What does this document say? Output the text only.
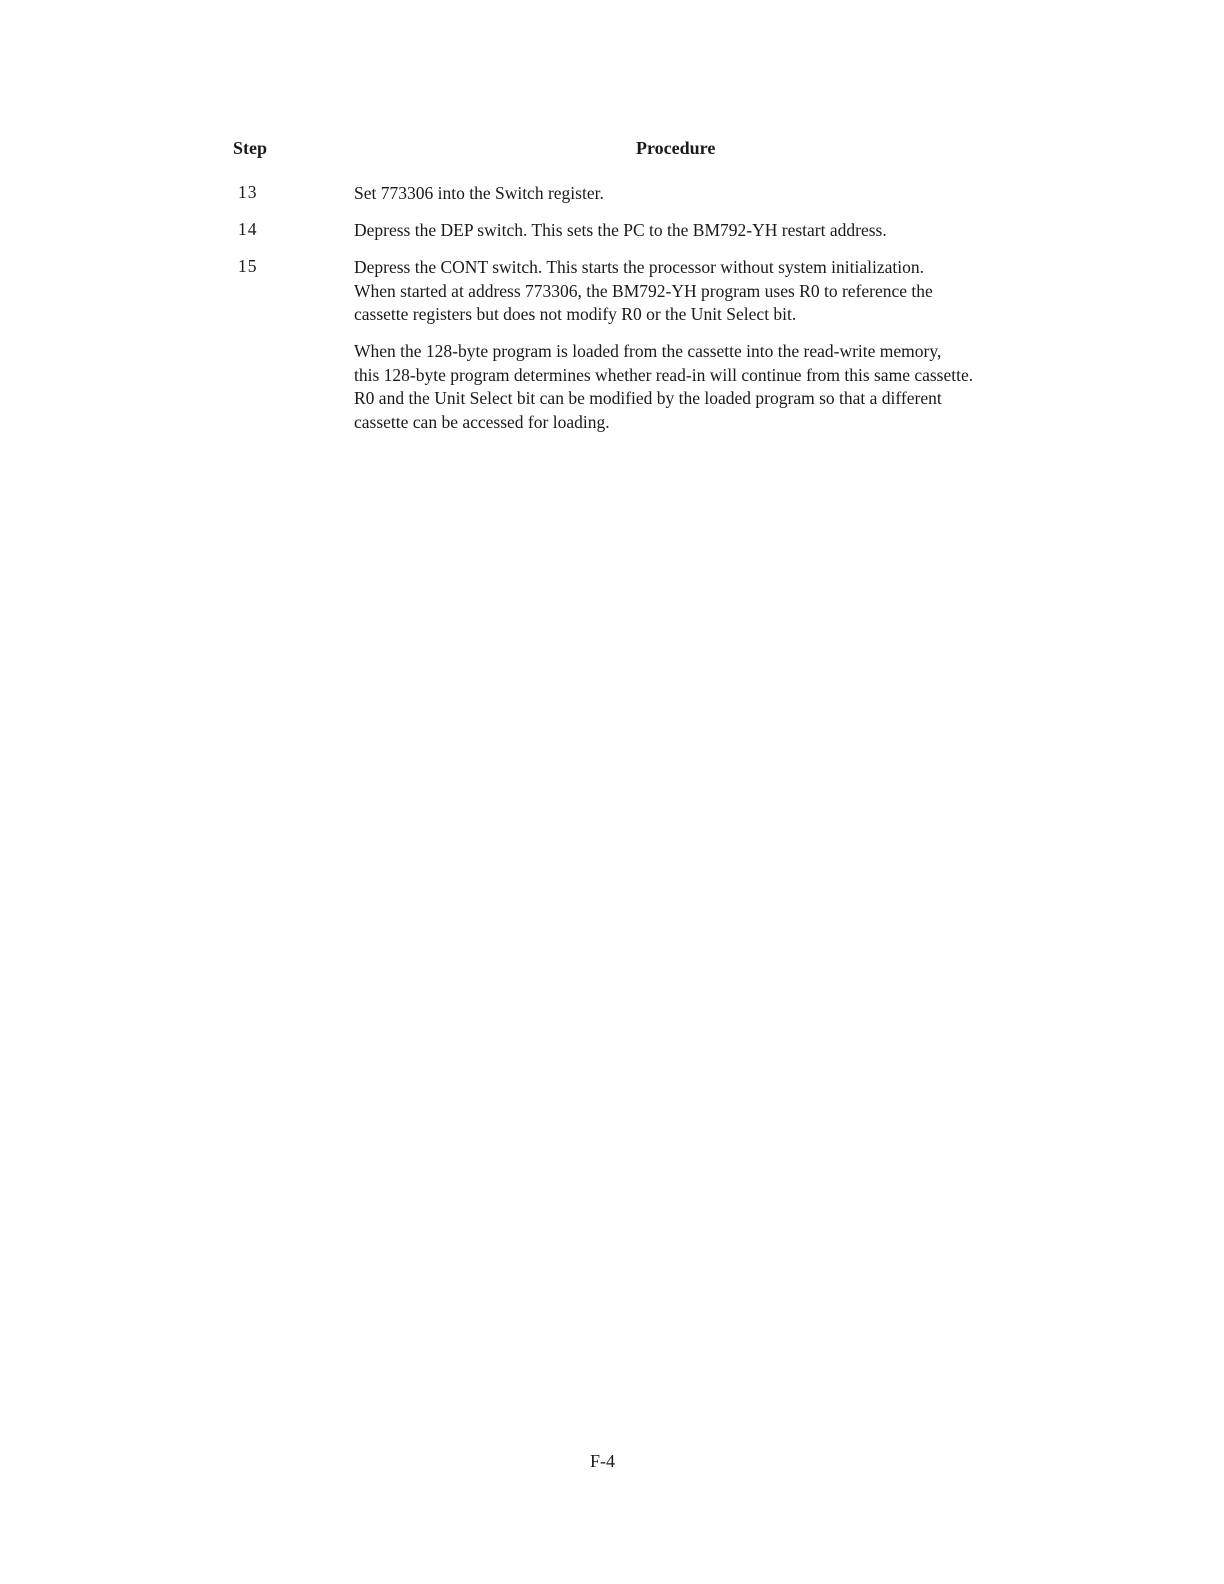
Step	Procedure
13	Set 773306 into the Switch register.
14	Depress the DEP switch. This sets the PC to the BM792-YH restart address.
15	Depress the CONT switch. This starts the processor without system initialization.
When started at address 773306, the BM792-YH program uses R0 to reference the
cassette registers but does not modify R0 or the Unit Select bit.
When the 128-byte program is loaded from the cassette into the read-write memory,
this 128-byte program determines whether read-in will continue from this same cassette.
R0 and the Unit Select bit can be modified by the loaded program so that a different
cassette can be accessed for loading.
F-4
